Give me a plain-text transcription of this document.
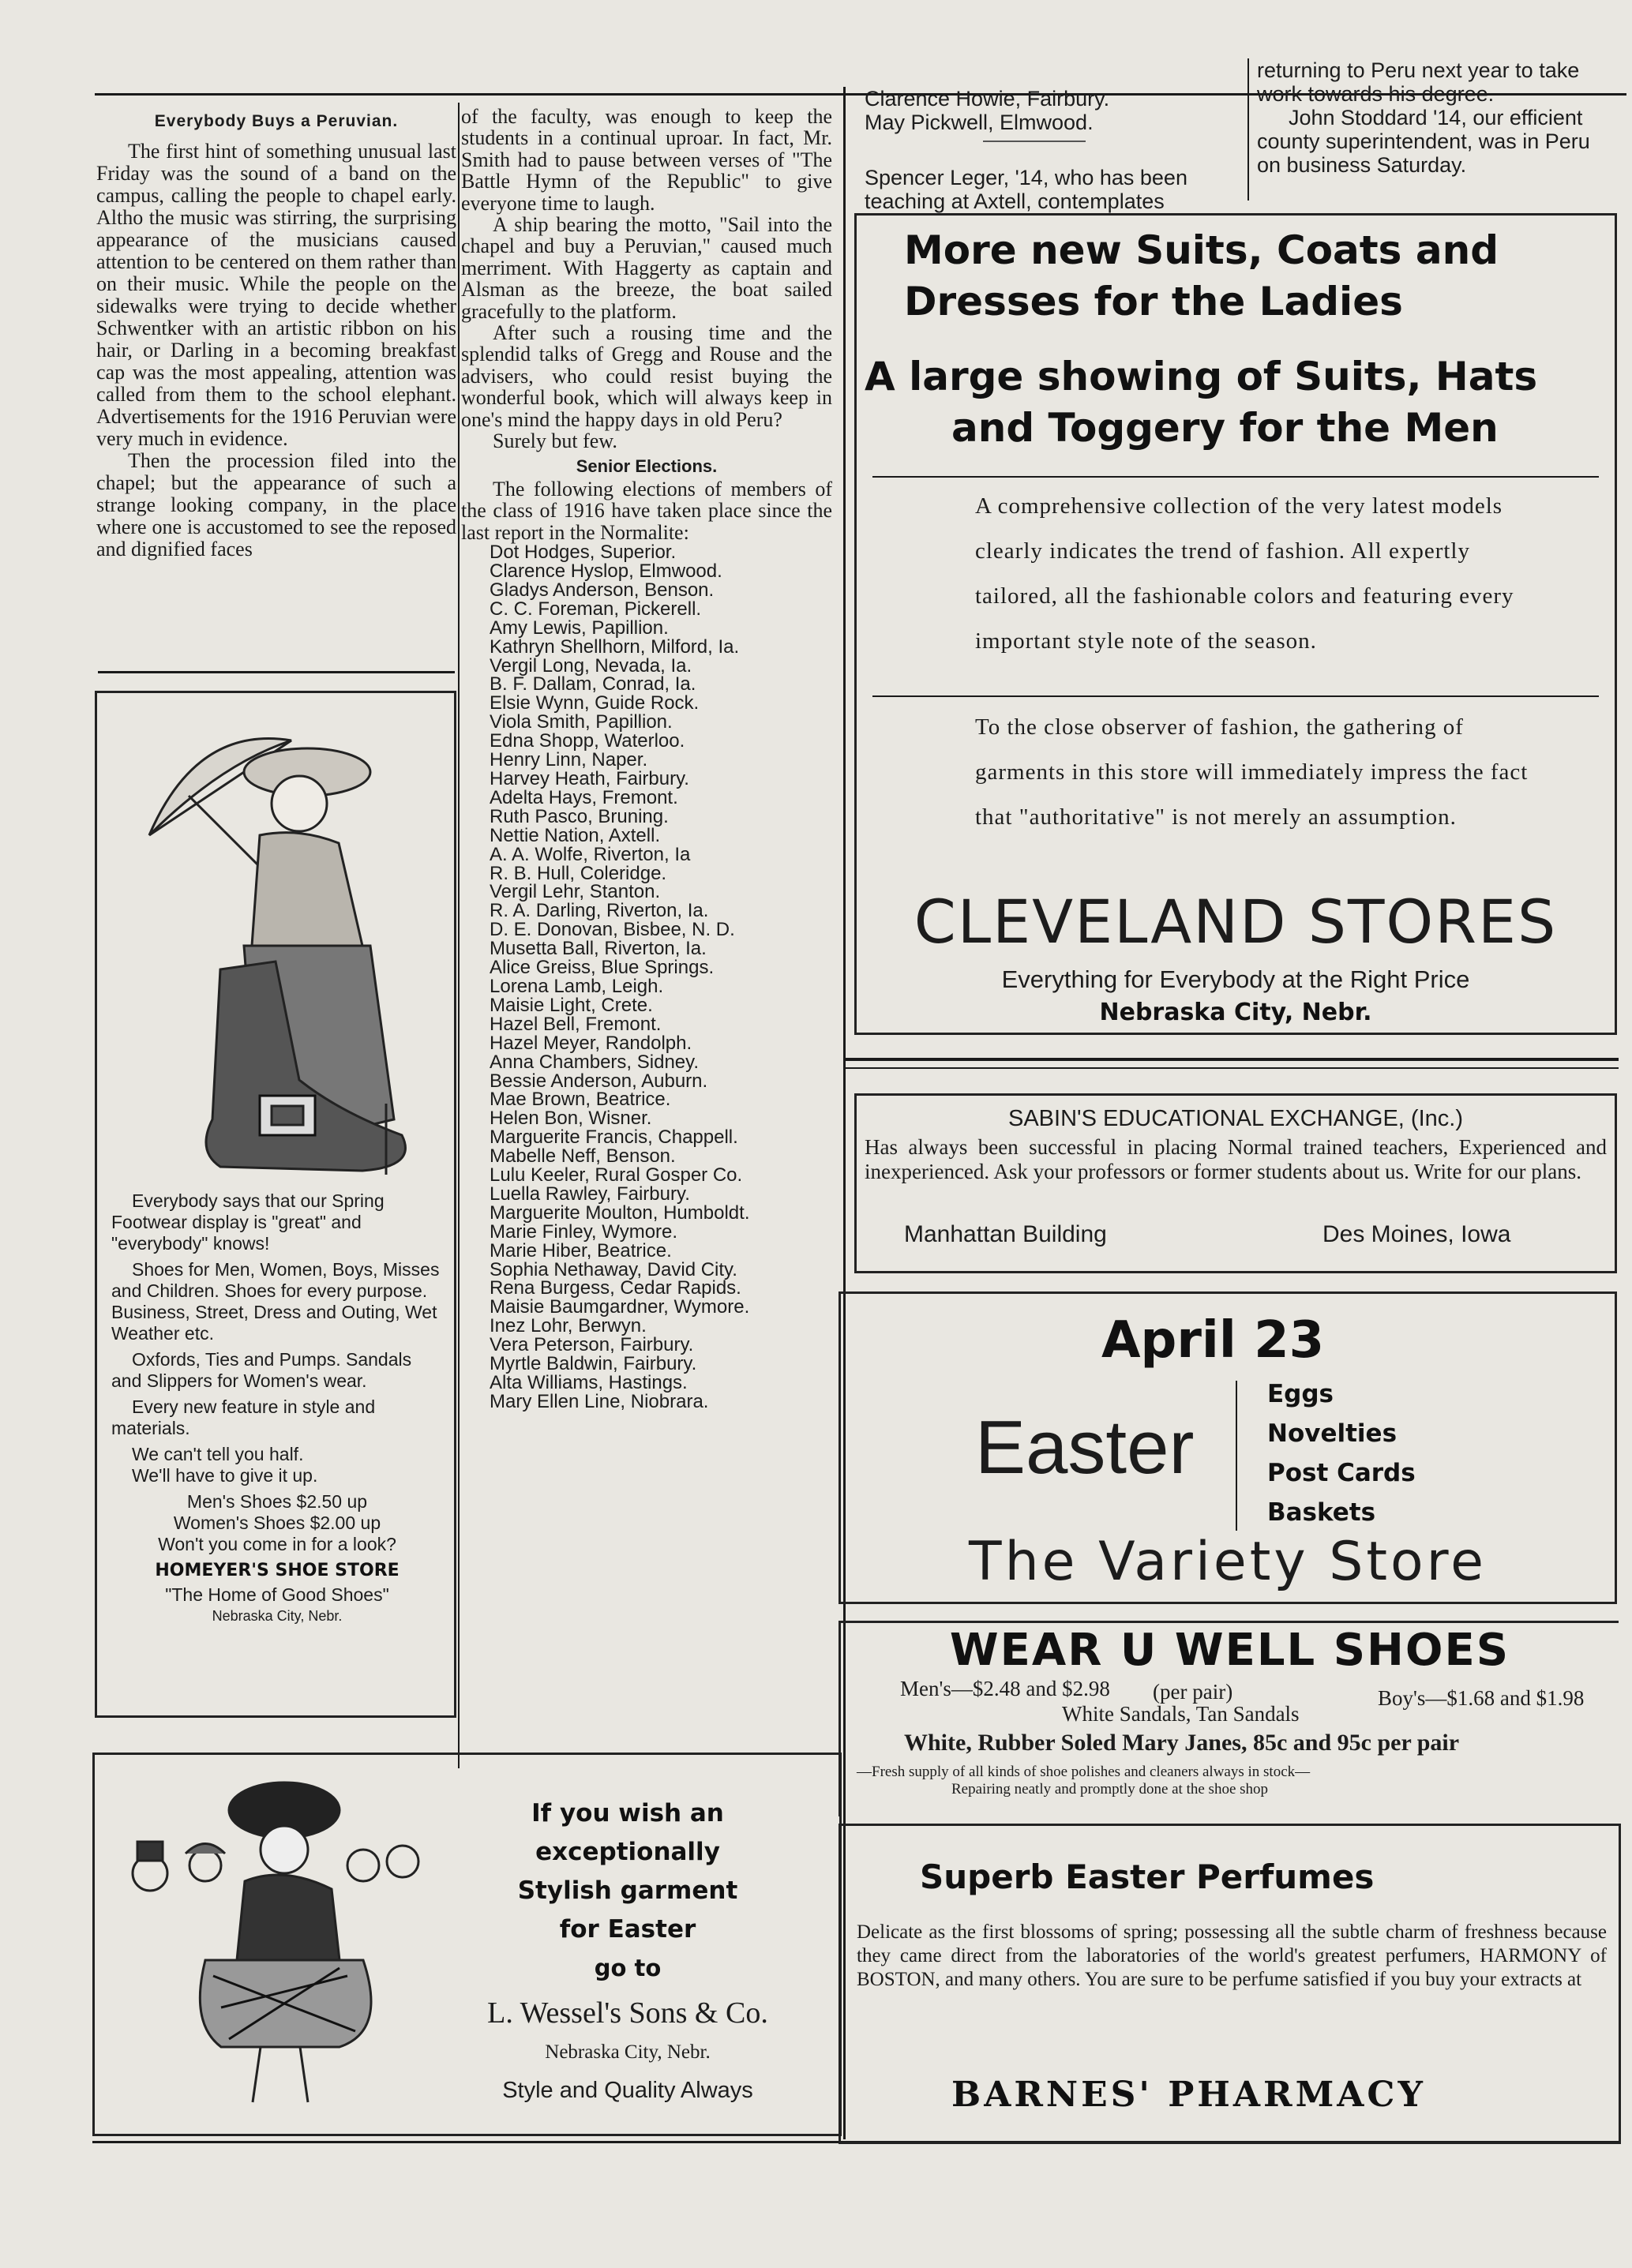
Everybody Buys a Peruvian.

The first hint of something unusual last Friday was the sound of a band on the campus, calling the people to chapel early. Altho the music was stirring, the surprising appearance of the musicians caused attention to be centered on them rather than on their music. While the people on the sidewalks were trying to decide whether Schwentker with an artistic ribbon on his hair, or Darling in a becoming breakfast cap was the most appealing, attention was called from them to the school elephant. Advertisements for the 1916 Peruvian were very much in evidence.

Then the procession filed into the chapel; but the appearance of such a strange looking company, in the place where one is accustomed to see the reposed and dignified faces

Everybody says that our Spring Footwear display is "great" and "everybody" knows!

Shoes for Men, Women, Boys, Misses and Children. Shoes for every purpose. Business, Street, Dress and Outing, Wet Weather etc.

Oxfords, Ties and Pumps. Sandals and Slippers for Women's wear.

Every new feature in style and materials.

We can't tell you half.

We'll have to give it up.

Men's Shoes $2.50 up

Women's Shoes $2.00 up

Won't you come in for a look?

HOMEYER'S SHOE STORE

"The Home of Good Shoes"

Nebraska City, Nebr.

of the faculty, was enough to keep the students in a continual uproar. In fact, Mr. Smith had to pause between verses of "The Battle Hymn of the Republic" to give everyone time to laugh.

A ship bearing the motto, "Sail into the chapel and buy a Peruvian," caused much merriment. With Haggerty as captain and Alsman as the breeze, the boat sailed gracefully to the platform.

After such a rousing time and the splendid talks of Gregg and Rouse and the advisers, who could resist buying the wonderful book, which will always keep in one's mind the happy days in old Peru?

Surely but few.

Senior Elections.

The following elections of members of the class of 1916 have taken place since the last report in the Normalite:

Dot Hodges, Superior.
Clarence Hyslop, Elmwood.
Gladys Anderson, Benson.
C. C. Foreman, Pickerell.
Amy Lewis, Papillion.
Kathryn Shellhorn, Milford, Ia.
Vergil Long, Nevada, Ia.
B. F. Dallam, Conrad, Ia.
Elsie Wynn, Guide Rock.
Viola Smith, Papillion.
Edna Shopp, Waterloo.
Henry Linn, Naper.
Harvey Heath, Fairbury.
Adelta Hays, Fremont.
Ruth Pasco, Bruning.
Nettie Nation, Axtell.
A. A. Wolfe, Riverton, Ia
R. B. Hull, Coleridge.
Vergil Lehr, Stanton.
R. A. Darling, Riverton, Ia.
D. E. Donovan, Bisbee, N. D.
Musetta Ball, Riverton, Ia.
Alice Greiss, Blue Springs.
Lorena Lamb, Leigh.
Maisie Light, Crete.
Hazel Bell, Fremont.
Hazel Meyer, Randolph.
Anna Chambers, Sidney.
Bessie Anderson, Auburn.
Mae Brown, Beatrice.
Helen Bon, Wisner.
Marguerite Francis, Chappell.
Mabelle Neff, Benson.
Lulu Keeler, Rural Gosper Co.
Luella Rawley, Fairbury.
Marguerite Moulton, Humboldt.
Marie Finley, Wymore.
Marie Hiber, Beatrice.
Sophia Nethaway, David City.
Rena Burgess, Cedar Rapids.
Maisie Baumgardner, Wymore.
Inez Lohr, Berwyn.
Vera Peterson, Fairbury.
Myrtle Baldwin, Fairbury.
Alta Williams, Hastings.
Mary Ellen Line, Niobrara.
If you wish an
exceptionally
Stylish garment
for Easter
go to
L. Wessel's Sons & Co.
Nebraska City, Nebr.
Style and Quality Always
Clarence Howie, Fairbury.
May Pickwell, Elmwood.
Spencer Leger, '14, who has been
teaching at Axtell, contemplates
returning to Peru next year to take
work towards his degree.
John Stoddard '14, our efficient
county superintendent, was in Peru
on business Saturday.
More new Suits, Coats and
Dresses for the Ladies
A large showing of Suits, Hats
and Toggery for the Men
A comprehensive collection of the very latest models clearly indicates the trend of fashion. All expertly tailored, all the fashionable colors and featuring every important style note of the season.
To the close observer of fashion, the gathering of garments in this store will immediately impress the fact that "authoritative" is not merely an assumption.
CLEVELAND STORES
Everything for Everybody at the Right Price
Nebraska City, Nebr.
SABIN'S EDUCATIONAL EXCHANGE, (Inc.)
Has always been successful in placing Normal trained teachers, Experienced and inexperienced. Ask your professors or former students about us. Write for our plans.
Manhattan Building	Des Moines, Iowa
April 23
Easter
Eggs
Novelties
Post Cards
Baskets
The Variety Store
WEAR U WELL SHOES
Men's—$2.48 and $2.98 (per pair)	Boy's—$1.68 and $1.98
White Sandals, Tan Sandals
White, Rubber Soled Mary Janes, 85c and 95c per pair
—Fresh supply of all kinds of shoe polishes and cleaners always in stock—
Repairing neatly and promptly done at the shoe shop
Superb Easter Perfumes
Delicate as the first blossoms of spring; possessing all the subtle charm of freshness because they came direct from the laboratories of the world's greatest perfumers, HARMONY of BOSTON, and many others. You are sure to be perfume satisfied if you buy your extracts at
BARNES' PHARMACY
